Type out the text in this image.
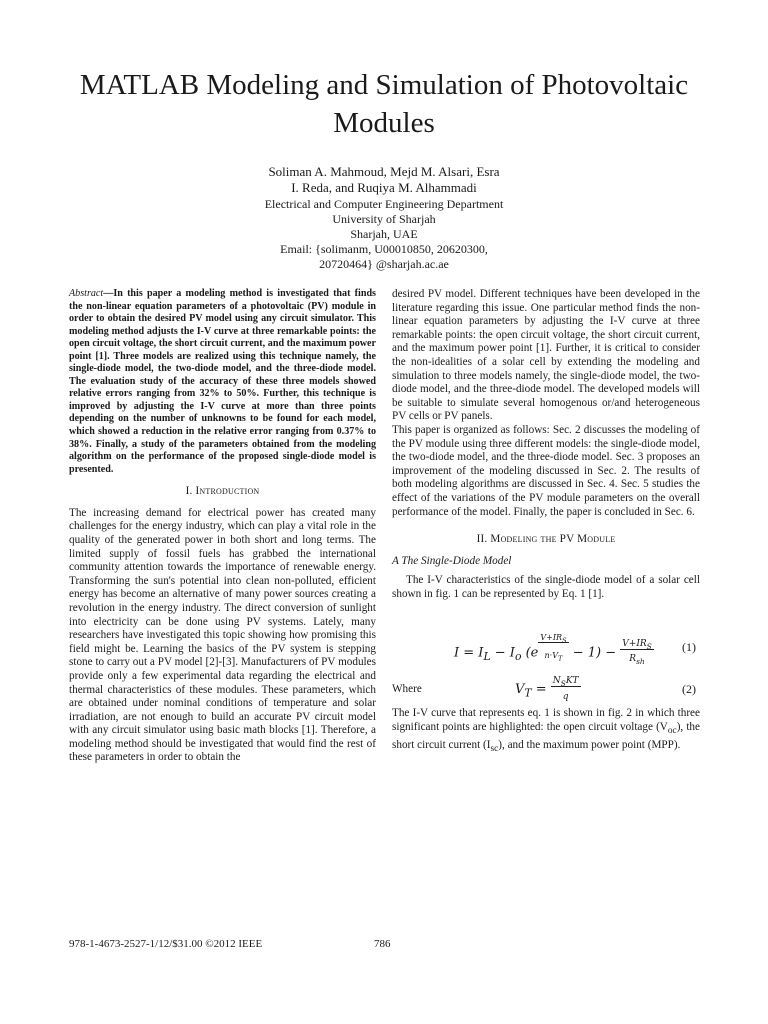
MATLAB Modeling and Simulation of Photovoltaic Modules
Soliman A. Mahmoud, Mejd M. Alsari, Esra
I. Reda, and Ruqiya M. Alhammadi
Electrical and Computer Engineering Department
University of Sharjah
Sharjah, UAE
Email: {solimanm, U00010850, 20620300,
20720464} @sharjah.ac.ae

Abstract—In this paper a modeling method is investigated that finds the non-linear equation parameters of a photovoltaic (PV) module in order to obtain the desired PV model using any circuit simulator. This modeling method adjusts the I-V curve at three remarkable points: the open circuit voltage, the short circuit current, and the maximum power point [1]. Three models are realized using this technique namely, the single-diode model, the two-diode model, and the three-diode model. The evaluation study of the accuracy of these three models showed relative errors ranging from 32% to 50%. Further, this technique is improved by adjusting the I-V curve at more than three points depending on the number of unknowns to be found for each model, which showed a reduction in the relative error ranging from 0.37% to 38%. Finally, a study of the parameters obtained from the modeling algorithm on the performance of the proposed single-diode model is presented.

I. Introduction

The increasing demand for electrical power has created many challenges for the energy industry, which can play a vital role in the quality of the generated power in both short and long terms. The limited supply of fossil fuels has grabbed the international community attention towards the importance of renewable energy. Transforming the sun's potential into clean non-polluted, efficient energy has become an alternative of many power sources creating a revolution in the energy industry. The direct conversion of sunlight into electricity can be done using PV systems. Lately, many researchers have investigated this topic showing how promising this field might be. Learning the basics of the PV system is stepping stone to carry out a PV model [2]-[3]. Manufacturers of PV modules provide only a few experimental data regarding the electrical and thermal characteristics of these modules. These parameters, which are obtained under nominal conditions of temperature and solar irradiation, are not enough to build an accurate PV circuit model with any circuit simulator using basic math blocks [1]. Therefore, a modeling method should be investigated that would find the rest of these parameters in order to obtain the

desired PV model. Different techniques have been developed in the literature regarding this issue. One particular method finds the non-linear equation parameters by adjusting the I-V curve at three remarkable points: the open circuit voltage, the short circuit current, and the maximum power point [1]. Further, it is critical to consider the non-idealities of a solar cell by extending the modeling and simulation to three models namely, the single-diode model, the two-diode model, and the three-diode model. The developed models will be suitable to simulate several homogenous or/and heterogeneous PV cells or PV panels.

This paper is organized as follows: Sec. 2 discusses the modeling of the PV module using three different models: the single-diode model, the two-diode model, and the three-diode model. Sec. 3 proposes an improvement of the modeling discussed in Sec. 2. The results of both modeling algorithms are discussed in Sec. 4. Sec. 5 studies the effect of the variations of the PV module parameters on the overall performance of the model. Finally, the paper is concluded in Sec. 6.

II. Modeling the PV Module
A The Single-Diode Model

The I-V characteristics of the single-diode model of a solar cell shown in fig. 1 can be represented by Eq. 1 [1].

$I = I_L - I_o$ $(e^{\frac{V+IR_S}{n\cdot V_T}} - 1) - \frac{V+IR_S}{R_{sh}} (1)$
Where	$V_T = \frac{N_SKT}{q}$	(2)

The I-V curve that represents eq. 1 is shown in fig. 2 in which three significant points are highlighted: the open circuit voltage $(V_{oc})$, the short circuit current $(I_{sc})$, and the maximum power point (MPP).

978-1-4673-2527-1/12/$31.00 ©2012 IEEE	786
